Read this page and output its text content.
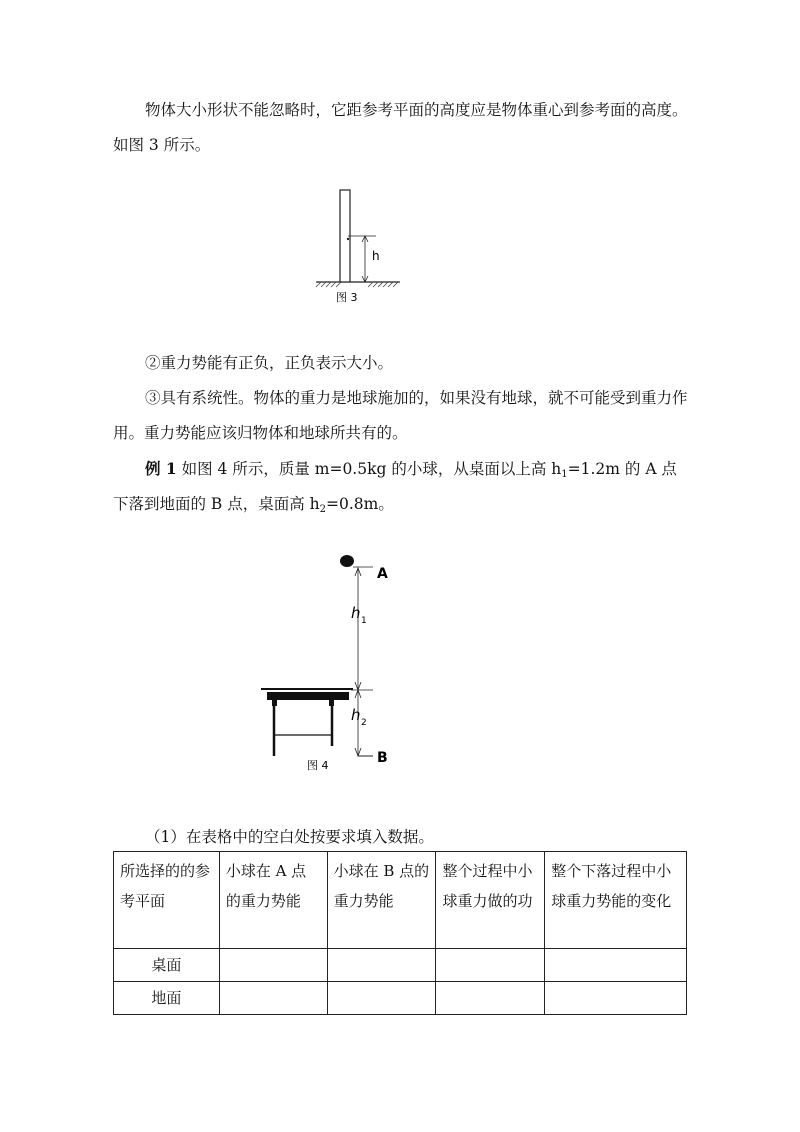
物体大小形状不能忽略时，它距参考平面的高度应是物体重心到参考面的高度。如图 3 所示。

h
图 3

②重力势能有正负，正负表示大小。

③具有系统性。物体的重力是地球施加的，如果没有地球，就不可能受到重力作用。重力势能应该归物体和地球所共有的。

例 1 如图 4 所示，质量 m=0.5kg 的小球，从桌面以上高 $h_1=1.2m$ 的 A 点下落到地面的 B 点，桌面高 $h_2=0.8m$。

A
h 1
h 2
B
图 4

（1）在表格中的空白处按要求填入数据。

所选择的的参考平面	小球在 A 点的重力势能	小球在 B 点的重力势能	整个过程中小球重力做的功	整个下落过程中小球重力势能的变化
桌面				
地面				
